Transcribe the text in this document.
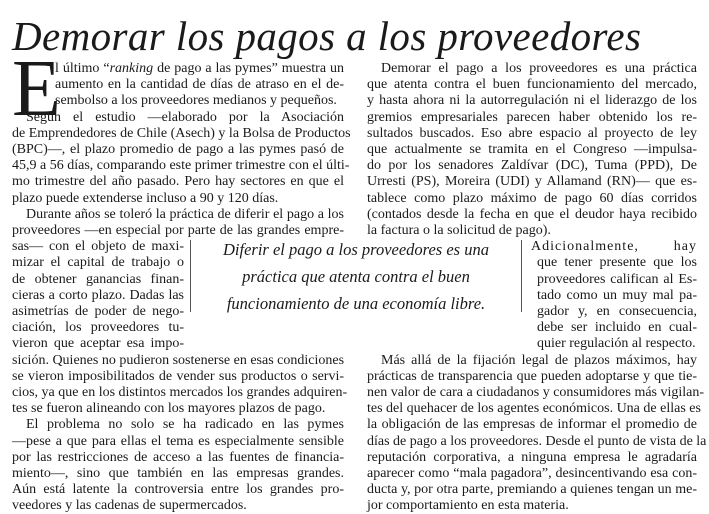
Demorar los pagos a los proveedores
E
l último “ranking de pago a las pymes” muestra un
aumento en la cantidad de días de atraso en el de-
sembolso a los proveedores medianos y pequeños.
Según el estudio —elaborado por la Asociación
de Emprendedores de Chile (Asech) y la Bolsa de Productos
(BPC)—, el plazo promedio de pago a las pymes pasó de
45,9 a 56 días, comparando este primer trimestre con el últi-
mo trimestre del año pasado. Pero hay sectores en que el
plazo puede extenderse incluso a 90 y 120 días.
Durante años se toleró la práctica de diferir el pago a los
proveedores —en especial por parte de las grandes empre-
sas— con el objeto de maxi-
mizar el capital de trabajo o
de obtener ganancias finan-
cieras a corto plazo. Dadas las
asimetrías de poder de nego-
ciación, los proveedores tu-
vieron que aceptar esa impo-
sición. Quienes no pudieron sostenerse en esas condiciones
se vieron imposibilitados de vender sus productos o servi-
cios, ya que en los distintos mercados los grandes adquiren-
tes se fueron alineando con los mayores plazos de pago.
El problema no solo se ha radicado en las pymes
—pese a que para ellas el tema es especialmente sensible
por las restricciones de acceso a las fuentes de financia-
miento—, sino que también en las empresas grandes.
Aún está latente la controversia entre los grandes pro-
veedores y las cadenas de supermercados.
Demorar el pago a los proveedores es una práctica
que atenta contra el buen funcionamiento del mercado,
y hasta ahora ni la autorregulación ni el liderazgo de los
gremios empresariales parecen haber obtenido los re-
sultados buscados. Eso abre espacio al proyecto de ley
que actualmente se tramita en el Congreso —impulsa-
do por los senadores Zaldívar (DC), Tuma (PPD), De
Urresti (PS), Moreira (UDI) y Allamand (RN)— que es-
tablece como plazo máximo de pago 60 días corridos
(contados desde la fecha en que el deudor haya recibido
la factura o la solicitud de pago).
Adicionalmente, hay
que tener presente que los
proveedores califican al Es-
tado como un muy mal pa-
gador y, en consecuencia,
debe ser incluido en cual-
quier regulación al respecto.
Más allá de la fijación legal de plazos máximos, hay
prácticas de transparencia que pueden adoptarse y que tie-
nen valor de cara a ciudadanos y consumidores más vigilan-
tes del quehacer de los agentes económicos. Una de ellas es
la obligación de las empresas de informar el promedio de
días de pago a los proveedores. Desde el punto de vista de la
reputación corporativa, a ninguna empresa le agradaría
aparecer como “mala pagadora”, desincentivando esa con-
ducta y, por otra parte, premiando a quienes tengan un me-
jor comportamiento en esta materia.
Diferir el pago a los proveedores es una
práctica que atenta contra el buen
funcionamiento de una economía libre.
